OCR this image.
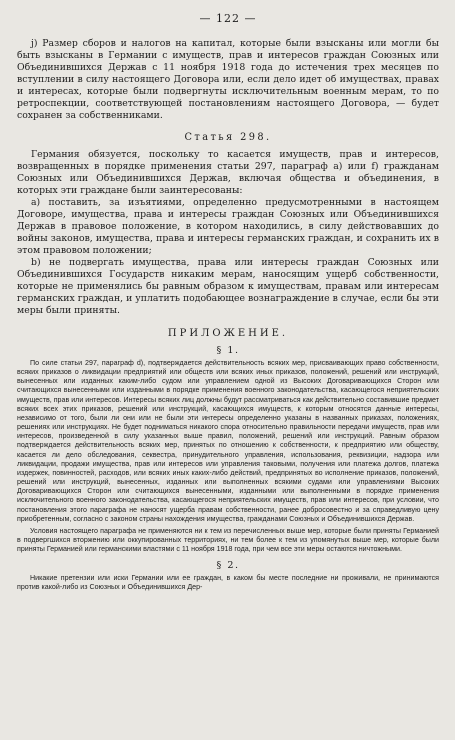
— 122 —

j) Размер сборов и налогов на капитал, которые были взысканы или могли бы быть взысканы в Германии с имуществ, прав и интересов граждан Союзных или Объединившихся Держав с 11 ноября 1918 года до истечения трех месяцев по вступлении в силу настоящего Договора или, если дело идет об имуществах, правах и интересах, которые были подвергнуты исключительным военным мерам, то по ретроспекции, соответствующей постановлениям настоящего Договора, — будет сохранен за собственниками.

Статья 298.

Германия обязуется, поскольку то касается имуществ, прав и интересов, возвращенных в порядке применения статьи 297, параграф a) или f) гражданам Союзных или Объединившихся Держав, включая общества и объединения, в которых эти граждане были заинтересованы:

a) поставить, за изъятиями, определенно предусмотренными в настоящем Договоре, имущества, права и интересы граждан Союзных или Объединившихся Держав в правовое положение, в котором находились, в силу действовавших до войны законов, имущества, права и интересы германских граждан, и сохранить их в этом правовом положении;

b) не подвергать имущества, права или интересы граждан Союзных или Объединившихся Государств никаким мерам, наносящим ущерб собственности, которые не применялись бы равным образом к имуществам, правам или интересам германских граждан, и уплатить подобающее вознаграждение в случае, если бы эти меры были приняты.

ПРИЛОЖЕНИЕ.
§ 1.

По силе статьи 297, параграф d), подтверждается действительность всяких мер, присваивающих право собственности, всяких приказов о ликвидации предприятий или обществ или всяких иных приказов, положений, решений или инструкций, вынесенных или изданных каким-либо судом или управлением одной из Высоких Договаривающихся Сторон или считающихся вынесенными или изданными в порядке применения военного законодательства, касающегося неприятельских имуществ, прав или интересов. Интересы всяких лиц должны будут рассматриваться как действительно составившие предмет всяких всех этих приказов, решений или инструкций, касающихся имуществ, к которым относятся данные интересы, независимо от того, были ли они или не были эти интересы определенно указаны в названных приказах, положениях, решениях или инструкциях. Не будет подниматься никакого спора относительно правильности передачи имуществ, прав или интересов, произведенной в силу указанных выше правил, положений, решений или инструкций. Равным образом подтверждается действительность всяких мер, принятых по отношению к собственности, к предприятию или обществу, касается ли дело обследования, секвестра, принудительного управления, использования, реквизиции, надзора или ликвидации, продажи имущества, прав или интересов или управления таковыми, получения или платежа долгов, платежа издержек, повинностей, расходов, или всяких иных каких-либо действий, предпринятых во исполнение приказов, положений, решений или инструкций, вынесенных, изданных или выполненных всякими судами или управлениями Высоких Договаривающихся Сторон или считающихся вынесенными, изданными или выполненными в порядке применения исключительного военного законодательства, касающегося неприятельских имуществ, прав или интересов, при условии, что постановления этого параграфа не наносят ущерба правам собственности, ранее добросовестно и за справедливую цену приобретенным, согласно с законом страны нахождения имущества, гражданами Союзных и Объединившихся Держав.

Условия настоящего параграфа не применяются ни к тем из перечисленных выше мер, которые были приняты Германией в подвергшихся вторжению или оккупированных территориях, ни тем более к тем из упомянутых выше мер, которые были приняты Германией или германскими властями с 11 ноября 1918 года, при чем все эти меры остаются ничтожными.

§ 2.

Никакие претензии или иски Германии или ее граждан, в каком бы месте последние ни проживали, не принимаются против какой-либо из Союзных и Объединившихся Дер-
